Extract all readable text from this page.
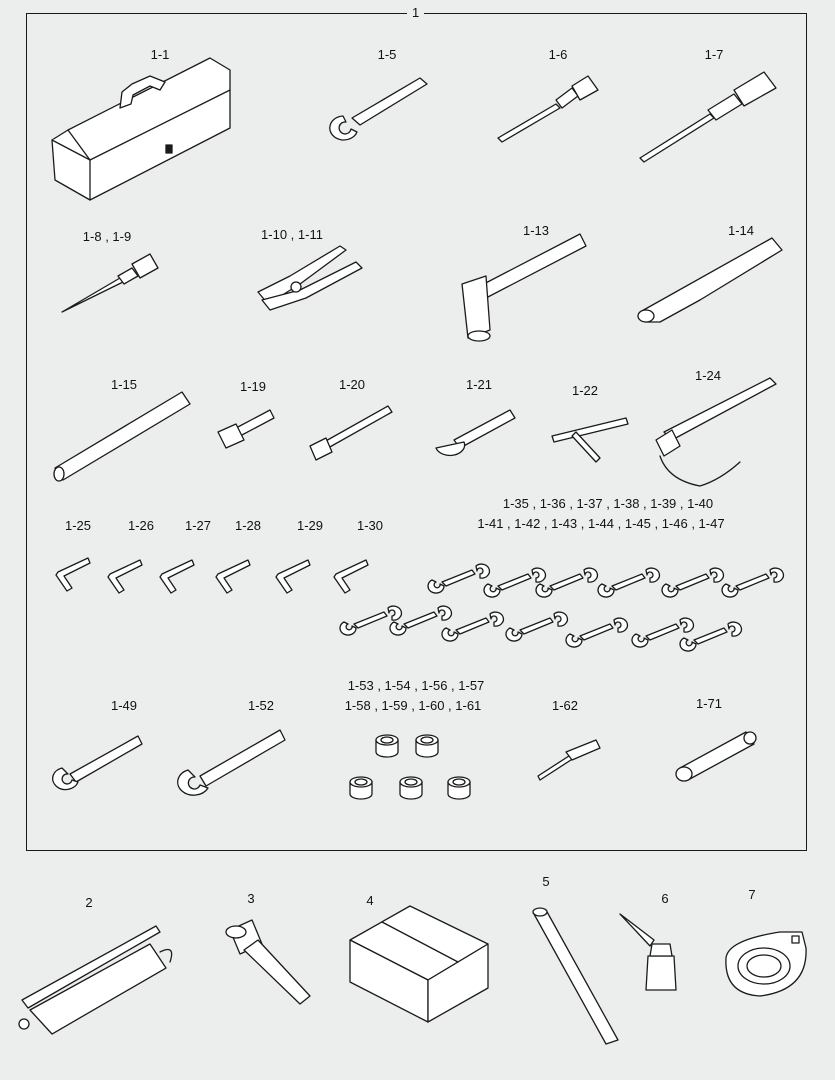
1
1-1	1-5	1-6	1-7
1-8 , 1-9	1-10 , 1-11	1-13	1-14
1-15	1-19	1-20	1-21	1-22
1-24
1-35 , 1-36 , 1-37 , 1-38 , 1-39 , 1-40
1-41 , 1-42 , 1-43 , 1-44 , 1-45 , 1-46 , 1-47
1-25	1-26 1-27 1-28	1-29	1-30
1-53 , 1-54 , 1-56 , 1-57
1-58 , 1-59 , 1-60 , 1-61
1-49	1-52	1-62	1-71
2	3	4
5
6	7
